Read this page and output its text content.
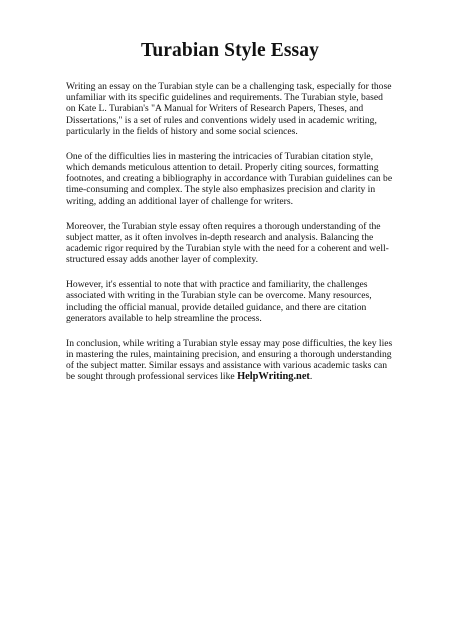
Turabian Style Essay

Writing an essay on the Turabian style can be a challenging task, especially for those unfamiliar with its specific guidelines and requirements. The Turabian style, based on Kate L. Turabian's "A Manual for Writers of Research Papers, Theses, and Dissertations," is a set of rules and conventions widely used in academic writing, particularly in the fields of history and some social sciences.

One of the difficulties lies in mastering the intricacies of Turabian citation style, which demands meticulous attention to detail. Properly citing sources, formatting footnotes, and creating a bibliography in accordance with Turabian guidelines can be time-consuming and complex. The style also emphasizes precision and clarity in writing, adding an additional layer of challenge for writers.

Moreover, the Turabian style essay often requires a thorough understanding of the subject matter, as it often involves in-depth research and analysis. Balancing the academic rigor required by the Turabian style with the need for a coherent and well-structured essay adds another layer of complexity.

However, it's essential to note that with practice and familiarity, the challenges associated with writing in the Turabian style can be overcome. Many resources, including the official manual, provide detailed guidance, and there are citation generators available to help streamline the process.

In conclusion, while writing a Turabian style essay may pose difficulties, the key lies in mastering the rules, maintaining precision, and ensuring a thorough understanding of the subject matter. Similar essays and assistance with various academic tasks can be sought through professional services like HelpWriting.net.
